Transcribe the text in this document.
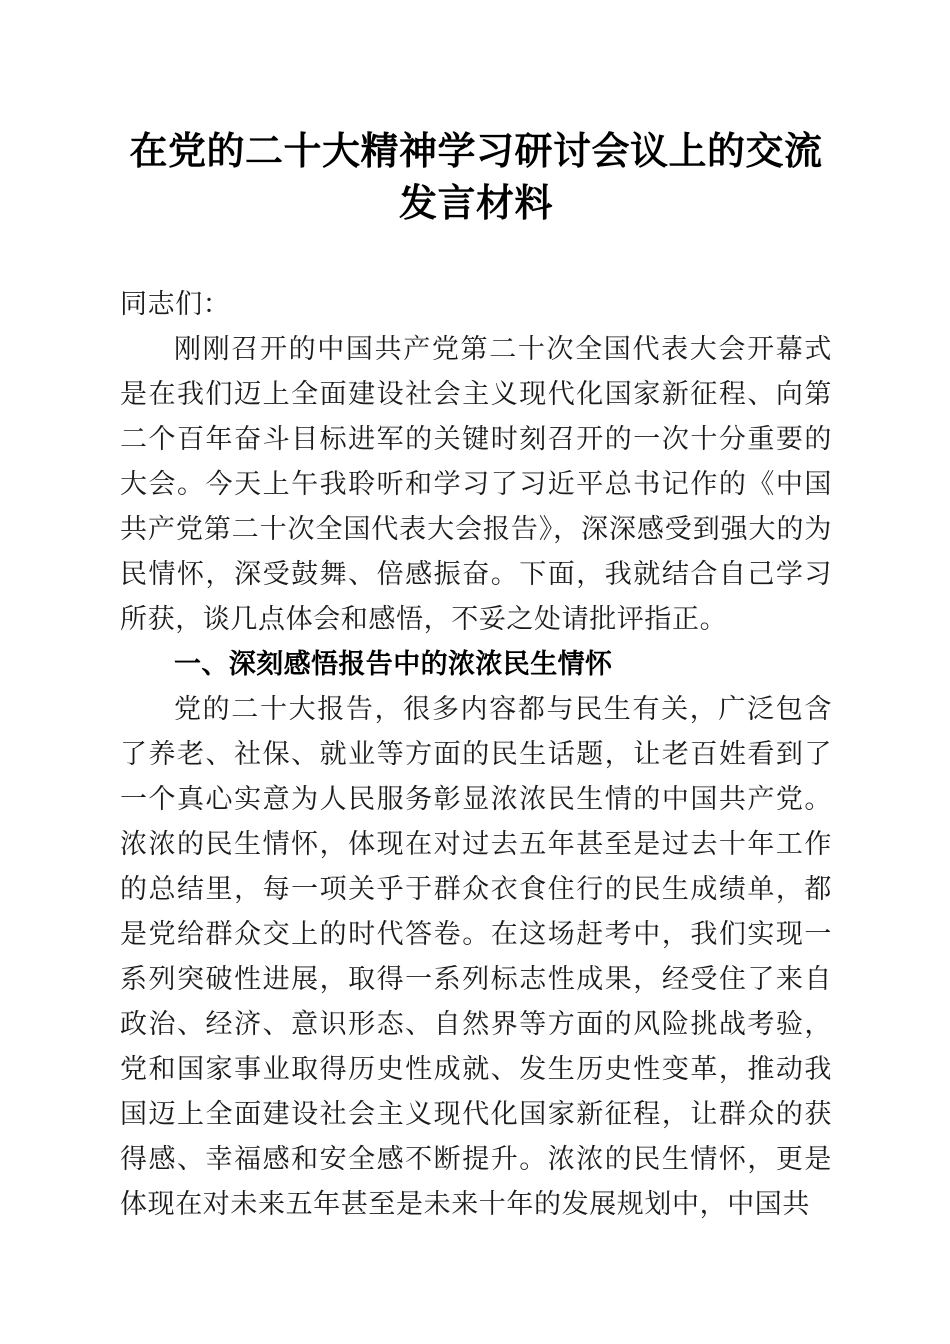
在党的二十大精神学习研讨会议上的交流发言材料

同志们：

刚刚召开的中国共产党第二十次全国代表大会开幕式是在我们迈上全面建设社会主义现代化国家新征程、向第二个百年奋斗目标进军的关键时刻召开的一次十分重要的大会。今天上午我聆听和学习了习近平总书记作的《中国共产党第二十次全国代表大会报告》，深深感受到强大的为民情怀，深受鼓舞、倍感振奋。下面，我就结合自己学习所获，谈几点体会和感悟，不妥之处请批评指正。

一、深刻感悟报告中的浓浓民生情怀

党的二十大报告，很多内容都与民生有关，广泛包含了养老、社保、就业等方面的民生话题，让老百姓看到了一个真心实意为人民服务彰显浓浓民生情的中国共产党。浓浓的民生情怀，体现在对过去五年甚至是过去十年工作的总结里，每一项关乎于群众衣食住行的民生成绩单，都是党给群众交上的时代答卷。在这场赶考中，我们实现一系列突破性进展，取得一系列标志性成果，经受住了来自政治、经济、意识形态、自然界等方面的风险挑战考验，党和国家事业取得历史性成就、发生历史性变革，推动我国迈上全面建设社会主义现代化国家新征程，让群众的获得感、幸福感和安全感不断提升。浓浓的民生情怀，更是体现在对未来五年甚至是未来十年的发展规划中，中国共
